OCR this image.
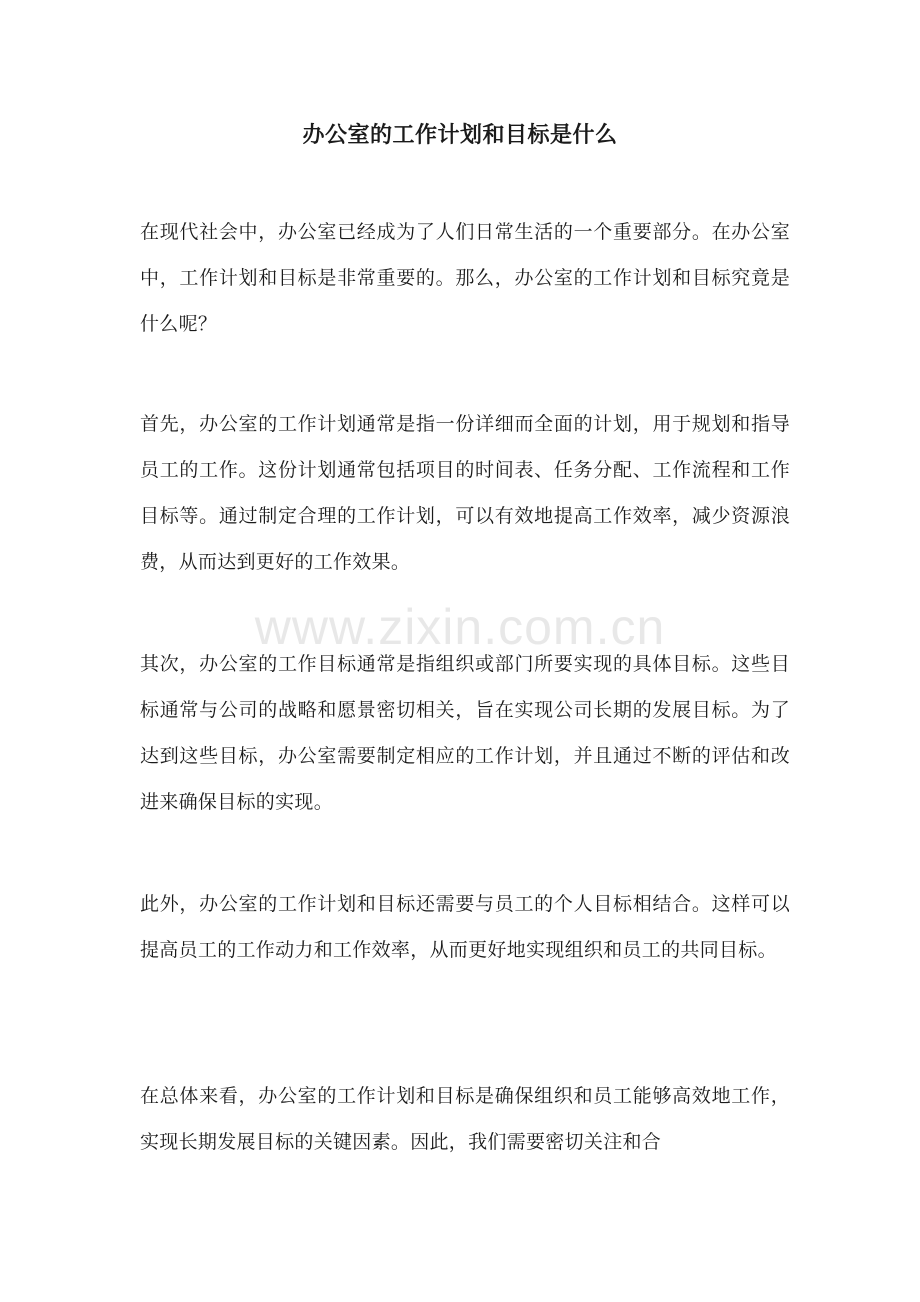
办公室的工作计划和目标是什么

在现代社会中，办公室已经成为了人们日常生活的一个重要部分。在办公室中，工作计划和目标是非常重要的。那么，办公室的工作计划和目标究竟是什么呢？

首先，办公室的工作计划通常是指一份详细而全面的计划，用于规划和指导员工的工作。这份计划通常包括项目的时间表、任务分配、工作流程和工作目标等。通过制定合理的工作计划，可以有效地提高工作效率，减少资源浪费，从而达到更好的工作效果。

其次，办公室的工作目标通常是指组织或部门所要实现的具体目标。这些目标通常与公司的战略和愿景密切相关，旨在实现公司长期的发展目标。为了达到这些目标，办公室需要制定相应的工作计划，并且通过不断的评估和改进来确保目标的实现。

此外，办公室的工作计划和目标还需要与员工的个人目标相结合。这样可以提高员工的工作动力和工作效率，从而更好地实现组织和员工的共同目标。

在总体来看，办公室的工作计划和目标是确保组织和员工能够高效地工作，实现长期发展目标的关键因素。因此，我们需要密切关注和合

www.zixin.com.cn
